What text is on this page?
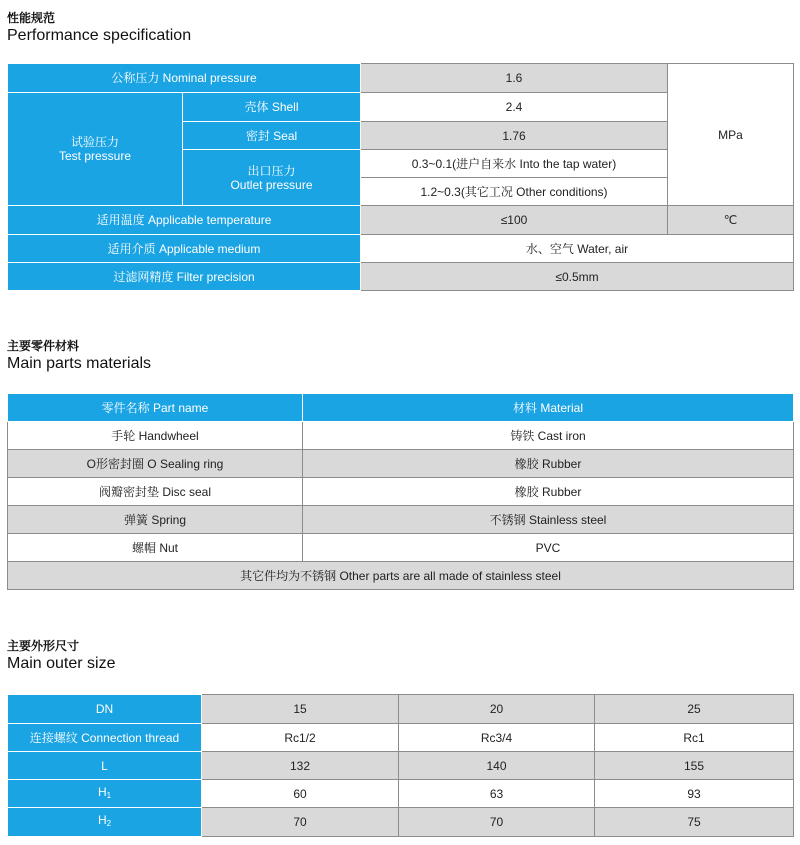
性能规范
Performance specification
公称压力 Nominal pressure		1.6	MPa

试验压力
Test pressure	壳体 Shell	2.4	
	密封 Seal	1.76	

	出口压力
Outlet pressure	0.3~0.1(进户自来水 Into the tap water)	
		1.2~0.3(其它工况 Other conditions)	
适用温度 Applicable temperature		≤100	℃
适用介质 Applicable medium		水、空气 Water, air	
过滤网精度 Filter precision		≤0.5mm	
主要零件材料
Main parts materials
零件名称 Part name	材料 Material
手轮 Handwheel	铸铁 Cast iron
O形密封圈 O Sealing ring	橡胶 Rubber
阀瓣密封垫 Disc seal	橡胶 Rubber
弹簧 Spring	不锈钢 Stainless steel
螺帽 Nut	PVC
其它件均为不锈钢 Other parts are all made of stainless steel	
主要外形尺寸
Main outer size
DN	15	20	25
连接螺纹 Connection thread	Rc1/2	Rc3/4	Rc1
L	132	140	155
$H_1$	60	63	93
$H_2$	70	70	75
